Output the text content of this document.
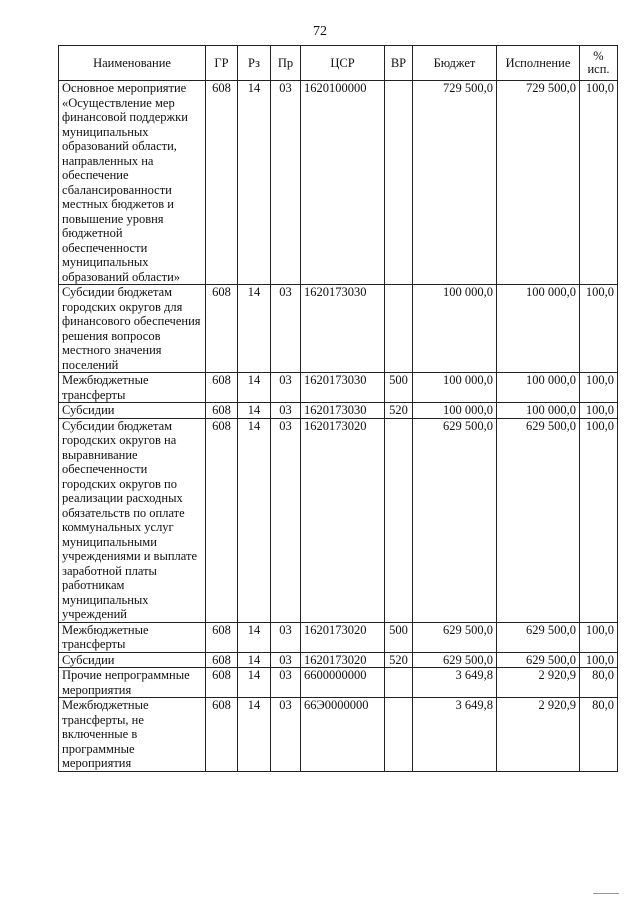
72
Наименование	ГР	Рз	Пр	ЦСР	ВР	Бюджет	Исполнение	%
исп.
Основное мероприятие «Осуществление мер финансовой поддержки муниципальных образований области, направленных на обеспечение сбалансированности местных бюджетов и повышение уровня бюджетной обеспеченности муниципальных образований области»	608	14	03	1620100000		729 500,0	729 500,0	100,0
Субсидии бюджетам городских округов для финансового обеспечения решения вопросов местного значения поселений	608	14	03	1620173030		100 000,0	100 000,0	100,0
Межбюджетные трансферты	608	14	03	1620173030	500	100 000,0	100 000,0	100,0
Субсидии	608	14	03	1620173030	520	100 000,0	100 000,0	100,0
Субсидии бюджетам городских округов на выравнивание обеспеченности городских округов по реализации расходных обязательств по оплате коммунальных услуг муниципальными учреждениями и выплате заработной платы работникам муниципальных учреждений	608	14	03	1620173020		629 500,0	629 500,0	100,0
Межбюджетные трансферты	608	14	03	1620173020	500	629 500,0	629 500,0	100,0
Субсидии	608	14	03	1620173020	520	629 500,0	629 500,0	100,0
Прочие непрограммные мероприятия	608	14	03	6600000000		3 649,8	2 920,9	80,0
Межбюджетные трансферты, не включенные в программные мероприятия	608	14	03	66Э0000000		3 649,8	2 920,9	80,0
